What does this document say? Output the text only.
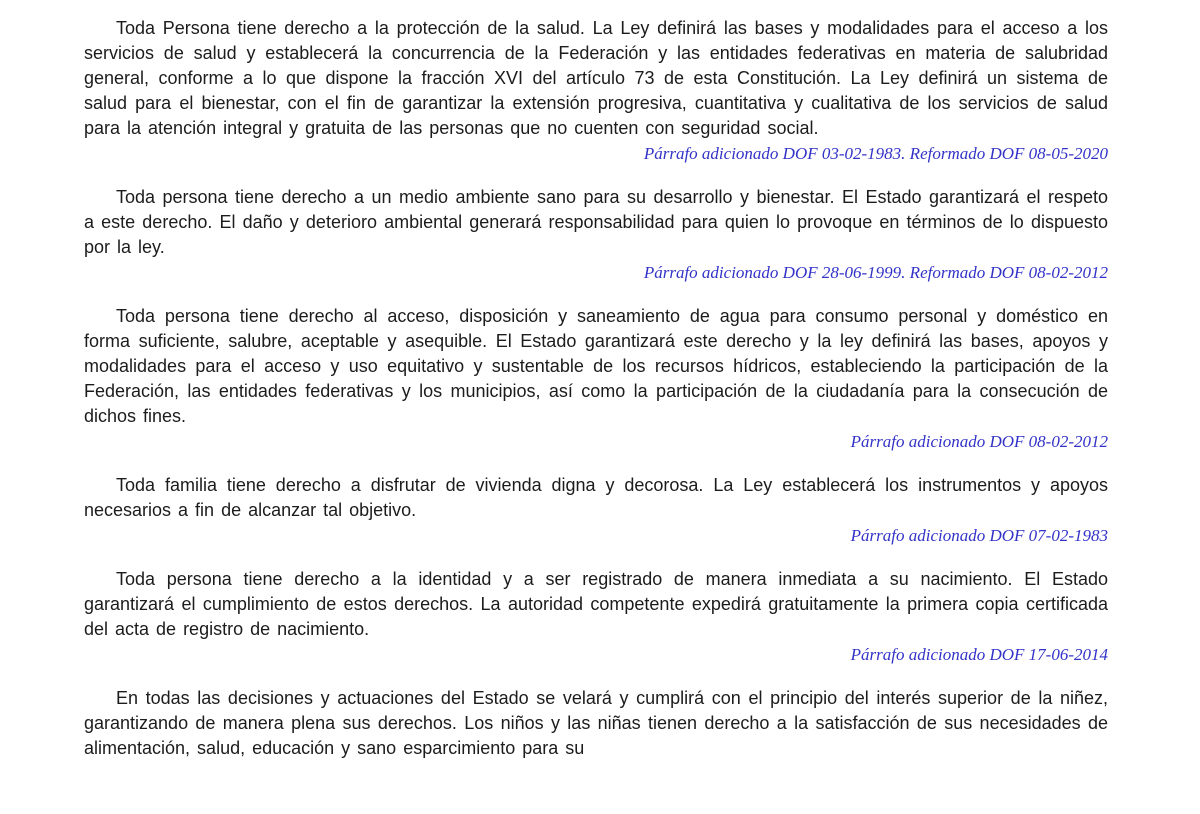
Toda Persona tiene derecho a la protección de la salud. La Ley definirá las bases y modalidades para el acceso a los servicios de salud y establecerá la concurrencia de la Federación y las entidades federativas en materia de salubridad general, conforme a lo que dispone la fracción XVI del artículo 73 de esta Constitución. La Ley definirá un sistema de salud para el bienestar, con el fin de garantizar la extensión progresiva, cuantitativa y cualitativa de los servicios de salud para la atención integral y gratuita de las personas que no cuenten con seguridad social.

Párrafo adicionado DOF 03-02-1983. Reformado DOF 08-05-2020

Toda persona tiene derecho a un medio ambiente sano para su desarrollo y bienestar. El Estado garantizará el respeto a este derecho. El daño y deterioro ambiental generará responsabilidad para quien lo provoque en términos de lo dispuesto por la ley.

Párrafo adicionado DOF 28-06-1999. Reformado DOF 08-02-2012

Toda persona tiene derecho al acceso, disposición y saneamiento de agua para consumo personal y doméstico en forma suficiente, salubre, aceptable y asequible. El Estado garantizará este derecho y la ley definirá las bases, apoyos y modalidades para el acceso y uso equitativo y sustentable de los recursos hídricos, estableciendo la participación de la Federación, las entidades federativas y los municipios, así como la participación de la ciudadanía para la consecución de dichos fines.

Párrafo adicionado DOF 08-02-2012

Toda familia tiene derecho a disfrutar de vivienda digna y decorosa. La Ley establecerá los instrumentos y apoyos necesarios a fin de alcanzar tal objetivo.

Párrafo adicionado DOF 07-02-1983

Toda persona tiene derecho a la identidad y a ser registrado de manera inmediata a su nacimiento. El Estado garantizará el cumplimiento de estos derechos. La autoridad competente expedirá gratuitamente la primera copia certificada del acta de registro de nacimiento.

Párrafo adicionado DOF 17-06-2014

En todas las decisiones y actuaciones del Estado se velará y cumplirá con el principio del interés superior de la niñez, garantizando de manera plena sus derechos. Los niños y las niñas tienen derecho a la satisfacción de sus necesidades de alimentación, salud, educación y sano esparcimiento para su
